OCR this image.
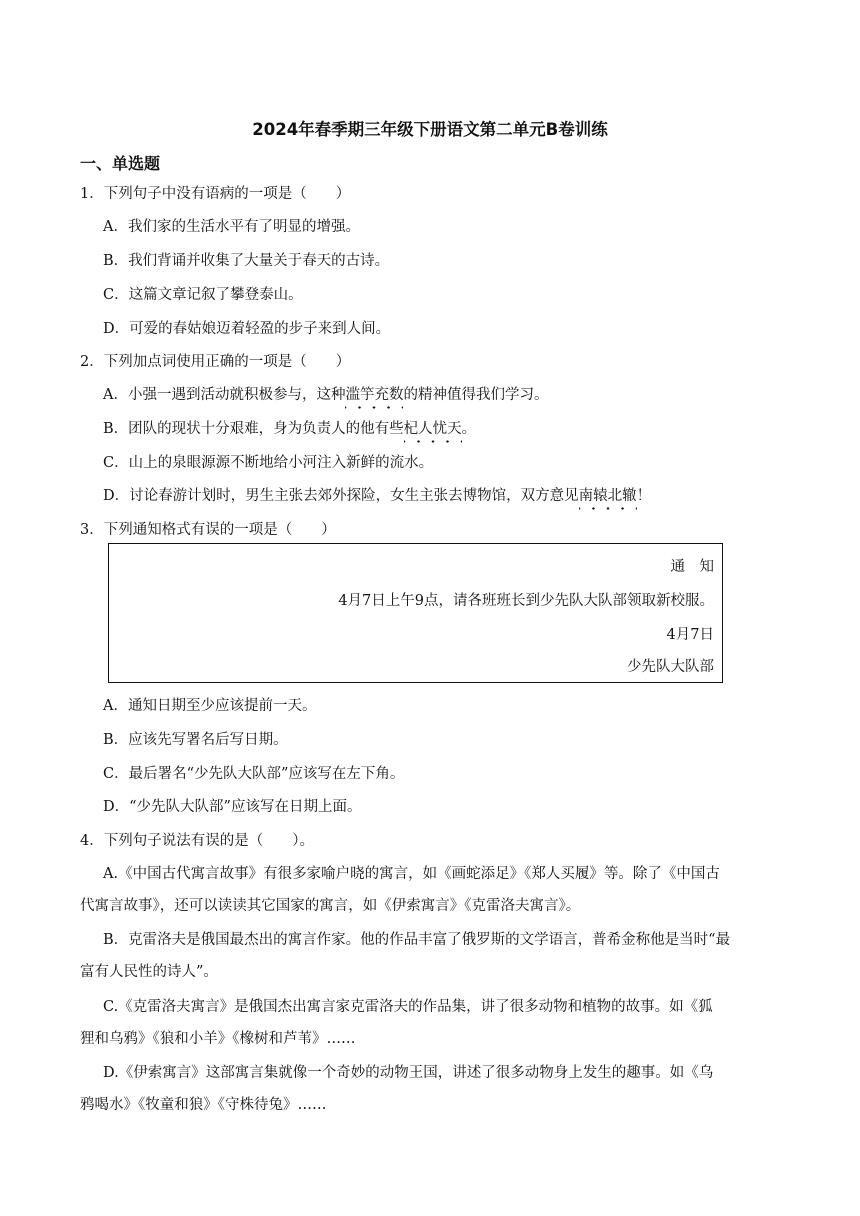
2024年春季期三年级下册语文第二单元B卷训练
一、单选题
1．下列句子中没有语病的一项是（　　）
A．我们家的生活水平有了明显的增强。
B．我们背诵并收集了大量关于春天的古诗。
C．这篇文章记叙了攀登泰山。
D．可爱的春姑娘迈着轻盈的步子来到人间。
2．下列加点词使用正确的一项是（　　）
A．小强一遇到活动就积极参与，这种滥竽充数的精神值得我们学习。
B．团队的现状十分艰难，身为负责人的他有些杞人忧天。
C．山上的泉眼源源不断地给小河注入新鲜的流水。
D．讨论春游计划时，男生主张去郊外探险，女生主张去博物馆，双方意见南辕北辙！
3．下列通知格式有误的一项是（　　）
通　知
4月7日上午9点，请各班班长到少先队大队部领取新校服。
4月7日
少先队大队部
A．通知日期至少应该提前一天。
B．应该先写署名后写日期。
C．最后署名“少先队大队部”应该写在左下角。
D．“少先队大队部”应该写在日期上面。
4．下列句子说法有误的是（　　）。
A.《中国古代寓言故事》有很多家喻户晓的寓言，如《画蛇添足》《郑人买履》等。除了《中国古
代寓言故事》，还可以读读其它国家的寓言，如《伊索寓言》《克雷洛夫寓言》。
B．克雷洛夫是俄国最杰出的寓言作家。他的作品丰富了俄罗斯的文学语言，普希金称他是当时“最
富有人民性的诗人”。
C.《克雷洛夫寓言》是俄国杰出寓言家克雷洛夫的作品集，讲了很多动物和植物的故事。如《狐
狸和乌鸦》《狼和小羊》《橡树和芦苇》……
D.《伊索寓言》这部寓言集就像一个奇妙的动物王国，讲述了很多动物身上发生的趣事。如《乌
鸦喝水》《牧童和狼》《守株待兔》……
